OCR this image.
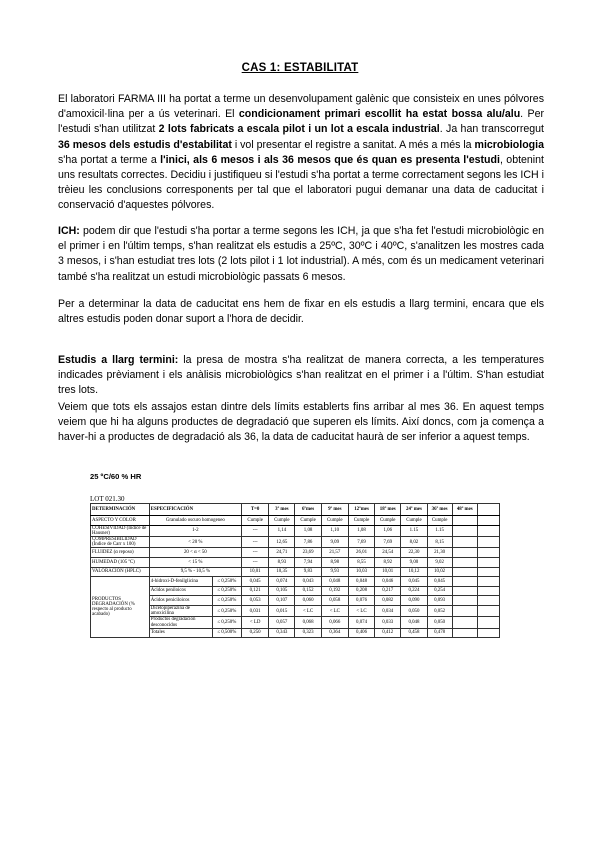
CAS 1: ESTABILITAT

El laboratori FARMA III ha portat a terme un desenvolupament galènic que consisteix en unes pólvores d'amoxicil·lina per a ús veterinari. El condicionament primari escollit ha estat bossa alu/alu. Per l'estudi s'han utilitzat 2 lots fabricats a escala pilot i un lot a escala industrial. Ja han transcorregut 36 mesos dels estudis d'estabilitat i vol presentar el registre a sanitat. A més a més la microbiologia s'ha portat a terme a l'inici, als 6 mesos i als 36 mesos que és quan es presenta l'estudi, obtenint uns resultats correctes. Decidiu i justifiqueu si l'estudi s'ha portat a terme correctament segons les ICH i trèieu les conclusions corresponents per tal que el laboratori pugui demanar una data de caducitat i conservació d'aquestes pólvores.

ICH: podem dir que l'estudi s'ha portar a terme segons les ICH, ja que s'ha fet l'estudi microbiològic en el primer i en l'últim temps, s'han realitzat els estudis a 25ºC, 30ºC i 40ºC, s'analitzen les mostres cada 3 mesos, i s'han estudiat tres lots (2 lots pilot i 1 lot industrial). A més, com és un medicament veterinari també s'ha realitzat un estudi microbiològic passats 6 mesos.

Per a determinar la data de caducitat ens hem de fixar en els estudis a llarg termini, encara que els altres estudis poden donar suport a l'hora de decidir.

Estudis a llarg termini: la presa de mostra s'ha realitzat de manera correcta, a les temperatures indicades prèviament i els anàlisis microbiològics s'han realitzat en el primer i a l'últim. S'han estudiat tres lots.

Veiem que tots els assajos estan dintre dels límits establerts fins arribar al mes 36. En aquest temps veiem que hi ha alguns productes de degradació que superen els límits. Així doncs, com ja comença a haver-hi a productes de degradació als 36, la data de caducitat haurà de ser inferior a aquest temps.

25 ºC/60 % HR
LOT 021.30
DETERMINACIÓN	ESPECIFICACIÓN		T=0	3º mes	6ºmes	9º mes	12ºmes	18º mes	24º mes	36º mes	48º mes	
ASPECTO Y COLOR	Granulado oscuro homogeneo		Cumple	Cumple	Cumple	Cumple	Cumple	Cumple	Cumple	Cumple		
COHESIVIDAD (Índice de Hausner)	1-2		---	1,14	1,08	1,10	1,08	1,06	1.15	1.15		
COMPRESIBILIDAD (Índice de Carr x 100)	< 20 %		---	12,65	7,86	9,09	7,69	7,69	8,02	8,15		
FLUIDEZ (α reposo)	20 < α < 50		---	24,71	23,69	21,57	26,01	24,54	22,30	21,30		
HUMEDAD (105 ºC)	< 15 %		---	8,93	7,94	8,98	8,55	8,92	9,00	9,02		
VALORACIÓN (HPLC)	9,5 % - 10,5 %		10,01	10,35	9,83	9,93	10,03	10,01	10,12	10,02		
PRODUCTOS DEGRADACIÓN (% respecto al producto acabado)	4-hidroxi-D-fenilglicina	≤ 0,250%	0,045	0,074	0,043	0,048	0,048	0,046	0,045	0,045		
	Ácidos peniloicos	≤ 0,250%	0,121	0,105	0,152	0,192	0,208	0,217	0,224	0,254		
	Ácidos peniciloicos	≤ 0,250%	0,053	0,107	0,060	0,058	0,076	0,082	0,090	0,093		
	Dicetopiperazina de amoxicilina	≤ 0,250%	0,031	0,015	< LC	< LC	< LC	0,034	0,050	0,052		
	Productos degradación desconocidos	≤ 0,250%	< LD	0,057	0,068	0,066	0,074	0,033	0,048	0,050		
	Totales	≤ 0,500%	0,250	0,343	0,323	0,364	0,406	0,412	0,458	0,478		
